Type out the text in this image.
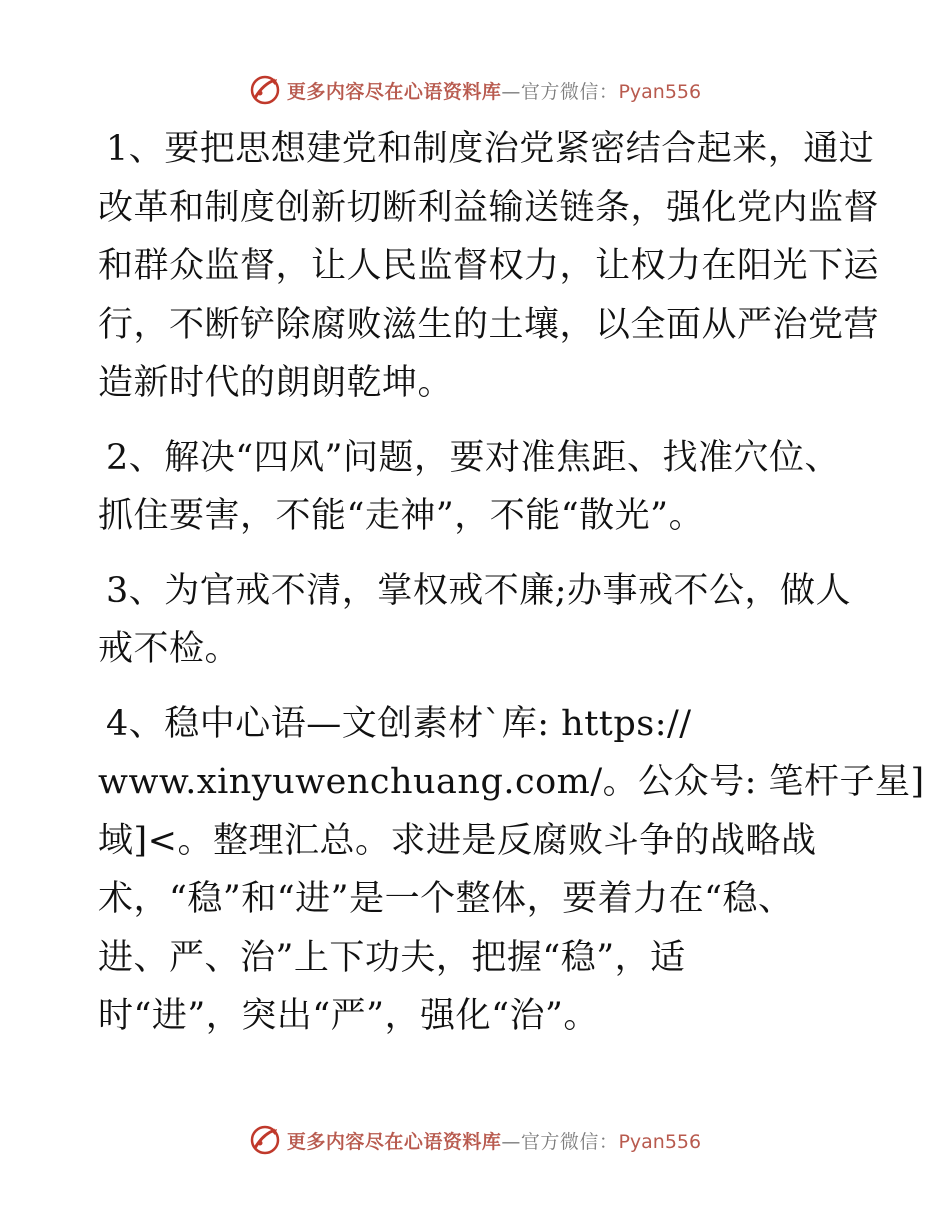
更多内容尽在心语资料库—官方微信：Pyan556
1、要把思想建党和制度治党紧密结合起来，通过
改革和制度创新切断利益输送链条，强化党内监督
和群众监督，让人民监督权力，让权力在阳光下运
行，不断铲除腐败滋生的土壤，以全面从严治党营
造新时代的朗朗乾坤。
2、解决“四风”问题，要对准焦距、找准穴位、
抓住要害，不能“走神”，不能“散光”。
3、为官戒不清，掌权戒不廉;办事戒不公，做人
戒不检。
4、稳中心语—文创素材`库: https://
www.xinyuwenchuang.com/。公众号: 笔杆子星]
域]<。整理汇总。求进是反腐败斗争的战略战
术，“稳”和“进”是一个整体，要着力在“稳、
进、严、治”上下功夫，把握“稳”，适
时“进”，突出“严”，强化“治”。
更多内容尽在心语资料库—官方微信：Pyan556
